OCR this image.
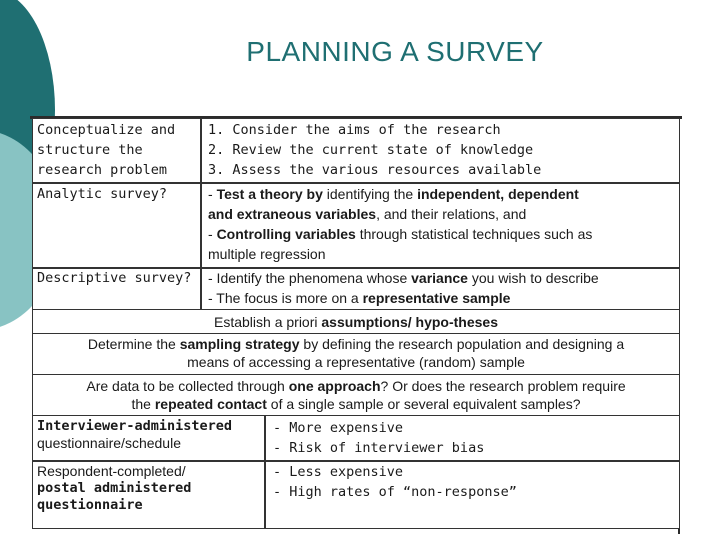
PLANNING A SURVEY
Conceptualize and
structure the
research problem
1. Consider the aims of the research
2. Review the current state of knowledge
3. Assess the various resources available
Analytic survey?	- Test a theory by identifying the independent, dependent
and extraneous variables, and their relations, and
- Controlling variables through statistical techniques such as
multiple regression
Descriptive survey?	- Identify the phenomena whose variance you wish to describe
- The focus is more on a representative sample
Establish a priori assumptions/ hypo-theses
Determine the sampling strategy by defining the research population and designing a
means of accessing a representative (random) sample
Are data to be collected through one approach? Or does the research problem require
the repeated contact of a single sample or several equivalent samples?
Interviewer-administered
questionnaire/schedule
- More expensive
- Risk of interviewer bias
Respondent-completed/
postal administered
questionnaire
- Less expensive
- High rates of “non-response”
